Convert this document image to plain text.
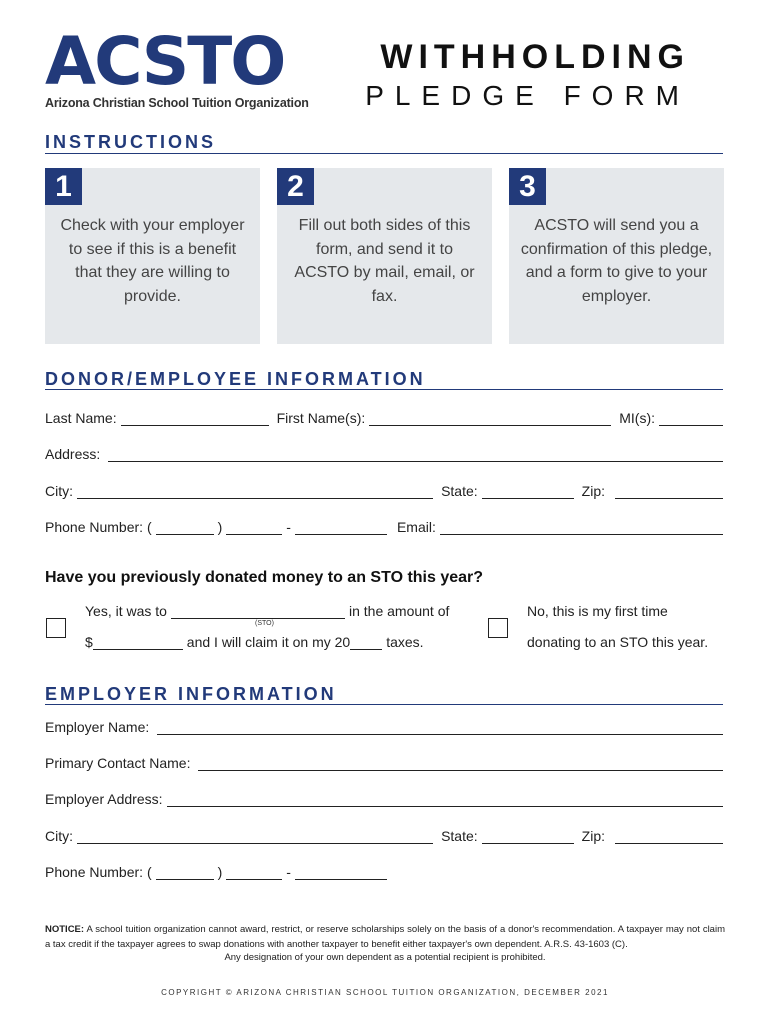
ACSTO
Arizona Christian School Tuition Organization
WITHHOLDING
PLEDGE FORM
INSTRUCTIONS
1
Check with your employer to see if this is a benefit that they are willing to provide.
2
Fill out both sides of this form, and send it to ACSTO by mail, email, or fax.
3
ACSTO will send you a confirmation of this pledge, and a form to give to your employer.
DONOR/EMPLOYEE INFORMATION
Last Name:	First Name(s):	MI(s):
Address:
City:	State:	Zip:
Phone Number: (	)	-	Email:
Have you previously donated money to an STO this year?
Yes, it was to	in the amount of
(STO)
$	and I will claim it on my 20	taxes.
No, this is my first time
donating to an STO this year.
EMPLOYER INFORMATION
Employer Name:
Primary Contact Name:
Employer Address:
City:	State:	Zip:
Phone Number: (	)	-
NOTICE: A school tuition organization cannot award, restrict, or reserve scholarships solely on the basis of a donor's recommendation. A taxpayer may not claim a tax credit if the taxpayer agrees to swap donations with another taxpayer to benefit either taxpayer's own dependent. A.R.S. 43-1603 (C).
Any designation of your own dependent as a potential recipient is prohibited.
COPYRIGHT © ARIZONA CHRISTIAN SCHOOL TUITION ORGANIZATION, DECEMBER 2021
